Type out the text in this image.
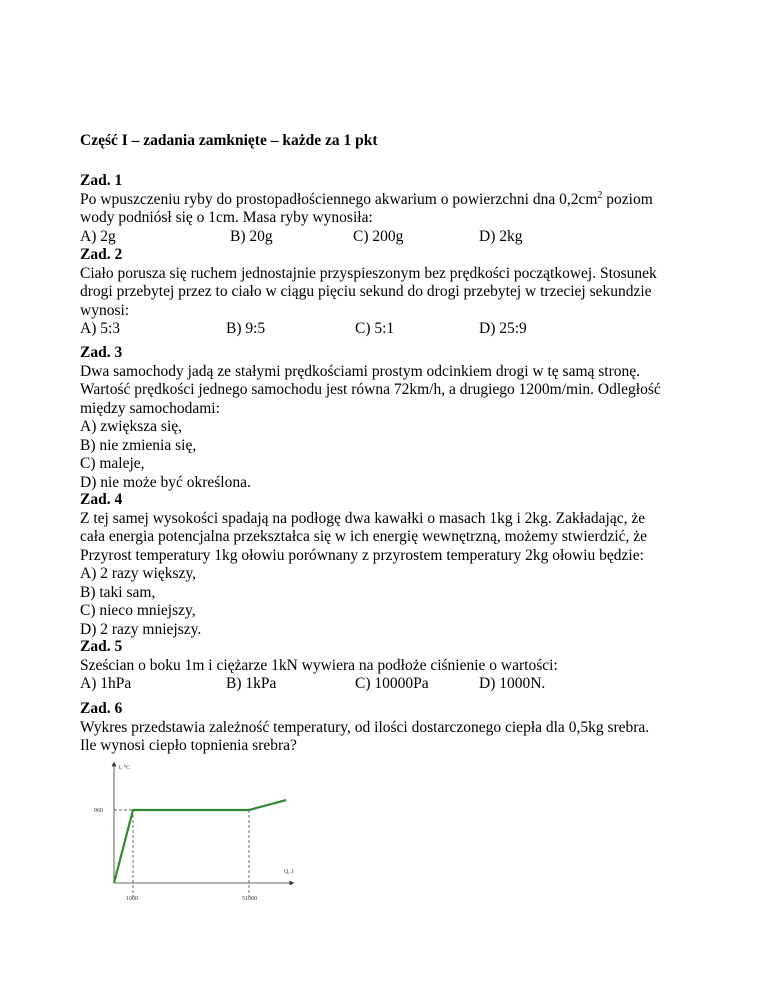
Część I – zadania zamknięte – każde za 1 pkt
Zad. 1

Po wpuszczeniu ryby do prostopadłościennego akwarium o powierzchni dna $0,2cm^2$ poziom

wody podniósł się o 1cm. Masa ryby wynosiła:

A) 2g	B) 20g	C) 200g	D) 2kg
Zad. 2

Ciało porusza się ruchem jednostajnie przyspieszonym bez prędkości początkowej. Stosunek

drogi przebytej przez to ciało w ciągu pięciu sekund do drogi przebytej w trzeciej sekundzie

wynosi:

A) 5:3	B) 9:5	C) 5:1	D) 25:9
Zad. 3

Dwa samochody jadą ze stałymi prędkościami prostym odcinkiem drogi w tę samą stronę.

Wartość prędkości jednego samochodu jest równa 72km/h, a drugiego 1200m/min. Odległość

między samochodami:

A) zwiększa się,
B) nie zmienia się,
C) maleje,
D) nie może być określona.
Zad. 4

Z tej samej wysokości spadają na podłogę dwa kawałki o masach 1kg i 2kg. Zakładając, że

cała energia potencjalna przekształca się w ich energię wewnętrzną, możemy stwierdzić, że

Przyrost temperatury 1kg ołowiu porównany z przyrostem temperatury 2kg ołowiu będzie:

A) 2 razy większy,
B) taki sam,
C) nieco mniejszy,
D) 2 razy mniejszy.
Zad. 5

Sześcian o boku 1m i ciężarze 1kN wywiera na podłoże ciśnienie o wartości:

A) 1hPa	B) 1kPa	C) 10000Pa	D) 1000N.
Zad. 6

Wykres przedstawia zależność temperatury, od ilości dostarczonego ciepła dla 0,5kg srebra.

Ile wynosi ciepło topnienia srebra?

t, °C
Q, J
960
1000	51000
